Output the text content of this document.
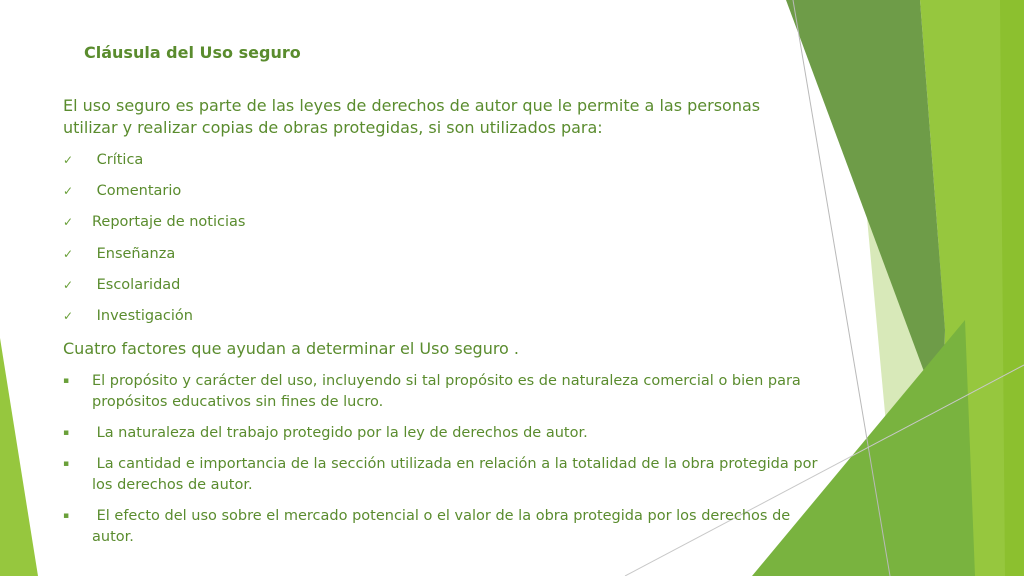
Cláusula del Uso seguro
El uso seguro es parte de las leyes de derechos de autor que le permite a las personas utilizar y realizar copias de obras protegidas, si son utilizados para:
✓ Crítica
✓ Comentario
✓ Reportaje de noticias
✓ Enseñanza
✓ Escolaridad
✓ Investigación
Cuatro factores que ayudan a determinar el Uso seguro .
▪ El propósito y carácter del uso, incluyendo si tal propósito es de naturaleza comercial o bien para propósitos educativos sin fines de lucro.
▪ La naturaleza del trabajo protegido por la ley de derechos de autor.
▪ La cantidad e importancia de la sección utilizada en relación a la totalidad de la obra protegida por los derechos de autor.
▪ El efecto del uso sobre el mercado potencial o el valor de la obra protegida por los derechos de autor.
